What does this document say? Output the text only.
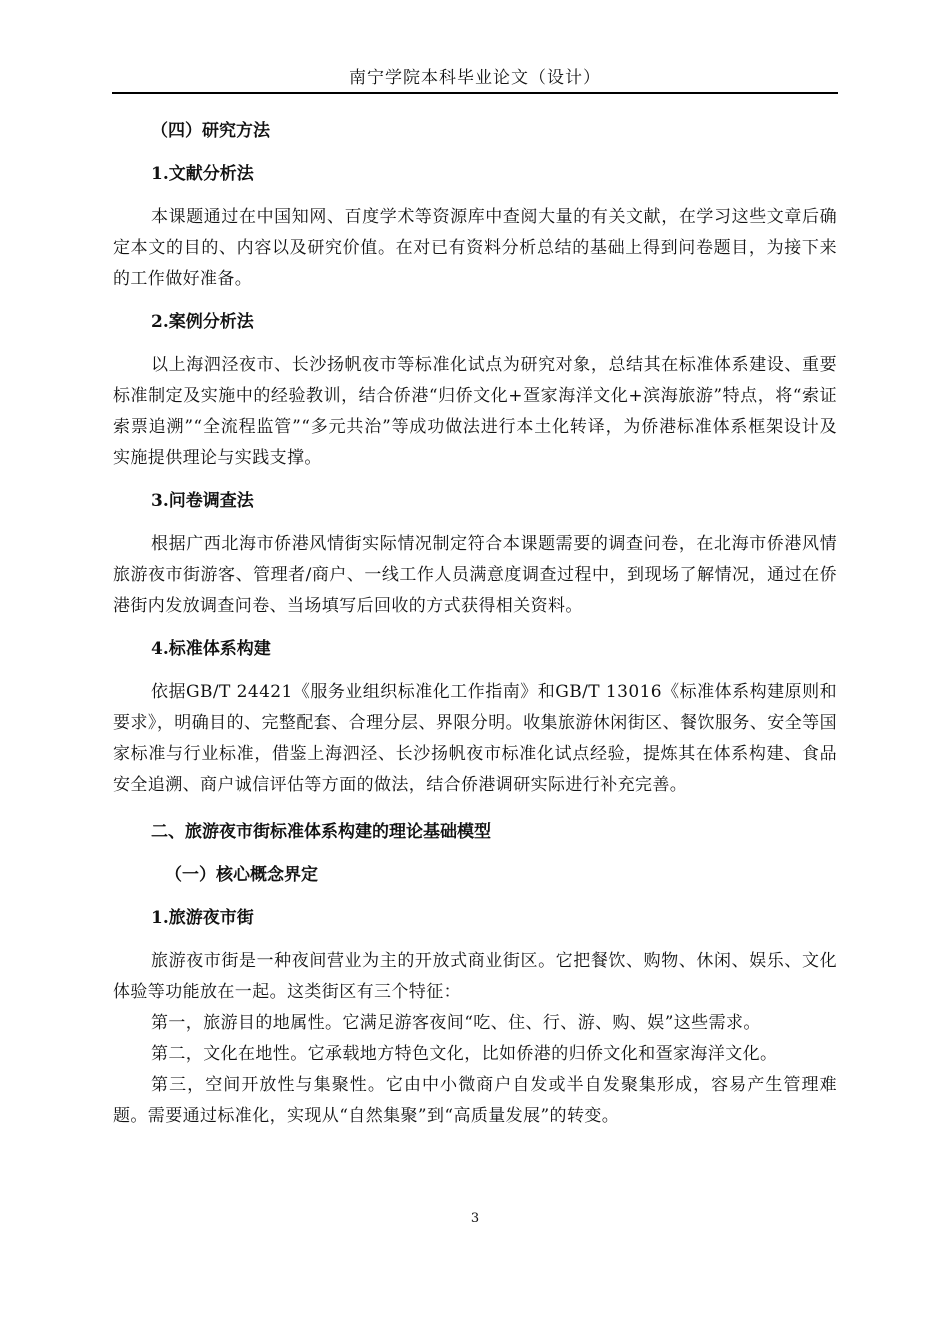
南宁学院本科毕业论文（设计）
（四）研究方法
1.文献分析法

本课题通过在中国知网、百度学术等资源库中查阅大量的有关文献，在学习这些文章后确定本文的目的、内容以及研究价值。在对已有资料分析总结的基础上得到问卷题目，为接下来的工作做好准备。

2.案例分析法

以上海泗泾夜市、长沙扬帆夜市等标准化试点为研究对象，总结其在标准体系建设、重要标准制定及实施中的经验教训，结合侨港“归侨文化+疍家海洋文化+滨海旅游”特点，将“索证索票追溯”“全流程监管”“多元共治”等成功做法进行本土化转译，为侨港标准体系框架设计及实施提供理论与实践支撑。

3.问卷调查法

根据广西北海市侨港风情街实际情况制定符合本课题需要的调查问卷，在北海市侨港风情旅游夜市街游客、管理者/商户、一线工作人员满意度调查过程中，到现场了解情况，通过在侨港街内发放调查问卷、当场填写后回收的方式获得相关资料。

4.标准体系构建

依据GB/T 24421《服务业组织标准化工作指南》和GB/T 13016《标准体系构建原则和要求》，明确目的、完整配套、合理分层、界限分明。收集旅游休闲街区、餐饮服务、安全等国家标准与行业标准，借鉴上海泗泾、长沙扬帆夜市标准化试点经验，提炼其在体系构建、食品安全追溯、商户诚信评估等方面的做法，结合侨港调研实际进行补充完善。

二、旅游夜市街标准体系构建的理论基础模型
（一）核心概念界定
1.旅游夜市街

旅游夜市街是一种夜间营业为主的开放式商业街区。它把餐饮、购物、休闲、娱乐、文化体验等功能放在一起。这类街区有三个特征：

第一，旅游目的地属性。它满足游客夜间“吃、住、行、游、购、娱”这些需求。

第二，文化在地性。它承载地方特色文化，比如侨港的归侨文化和疍家海洋文化。

第三，空间开放性与集聚性。它由中小微商户自发或半自发聚集形成，容易产生管理难题。需要通过标准化，实现从“自然集聚”到“高质量发展”的转变。

3
